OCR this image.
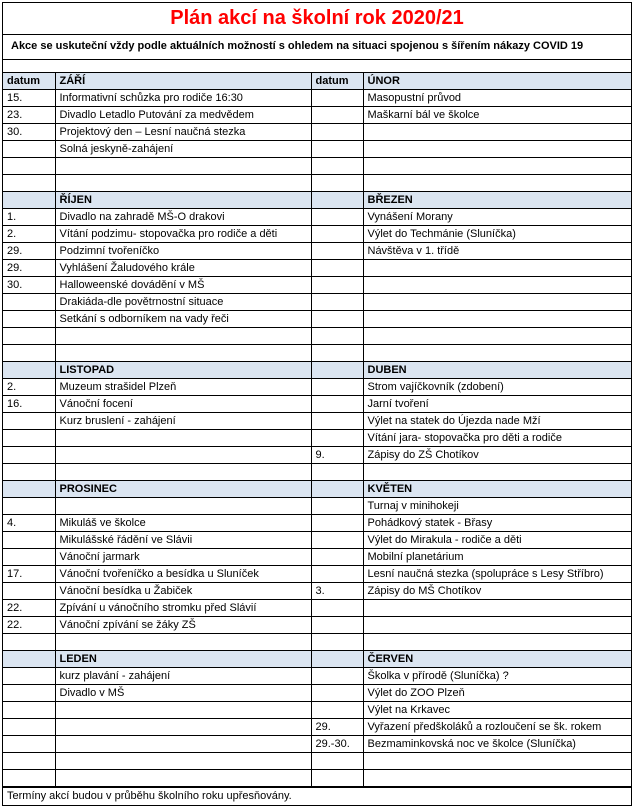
Plán akcí na školní rok 2020/21
Akce se uskuteční vždy podle aktuálních možností s ohledem na situaci spojenou s šířením nákazy COVID 19
datum	ZÁŘÍ	datum	ÚNOR
15.	Informativní schůzka pro rodiče 16:30		Masopustní průvod
23.	Divadlo Letadlo Putování za medvědem		Maškarní bál ve školce
30.	Projektový den – Lesní naučná stezka		
	Solná jeskyně-zahájení		

	ŘÍJEN		BŘEZEN
1.	Divadlo na zahradě MŠ-O drakovi		Vynášení Morany
2.	Vítání podzimu- stopovačka pro rodiče a děti		Výlet do Techmánie (Sluníčka)
29.	Podzimní tvořeníčko		Návštěva v 1. třídě
29.	Vyhlášení Žaludového krále		
30.	Halloweenské dovádění v MŠ		
	Drakiáda-dle povětrnostní situace		
	Setkání s odborníkem na vady řeči		

	LISTOPAD		DUBEN
2.	Muzeum strašidel Plzeň		Strom vajíčkovník (zdobení)
16.	Vánoční focení		Jarní tvoření
	Kurz bruslení - zahájení		Výlet na statek do Újezda nade Mží
			Vítání jara- stopovačka pro děti a rodiče
		9.	Zápisy do ZŠ Chotíkov

	PROSINEC		KVĚTEN
			Turnaj v minihokeji
4.	Mikuláš ve školce		Pohádkový statek - Břasy
	Mikulášské řádění ve Slávii		Výlet do Mirakula - rodiče a děti
	Vánoční jarmark		Mobilní planetárium
17.	Vánoční tvořeníčko a besídka u Sluníček		Lesní naučná stezka (spolupráce s Lesy Stříbro)
	Vánoční besídka u Žabiček	3.	Zápisy do MŠ Chotíkov
22.	Zpívání u vánočního stromku před Slávií		
22.	Vánoční zpívání se žáky ZŠ		

	LEDEN		ČERVEN
	kurz plavání - zahájení		Školka v přírodě (Sluníčka) ?
	Divadlo v MŠ		Výlet do ZOO Plzeň
			Výlet na Krkavec
		29.	Vyřazení předškoláků a rozloučení se šk. rokem
		29.-30.	Bezmaminkovská noc ve školce (Sluníčka)

Termíny akcí budou v průběhu školního roku upřesňovány.
